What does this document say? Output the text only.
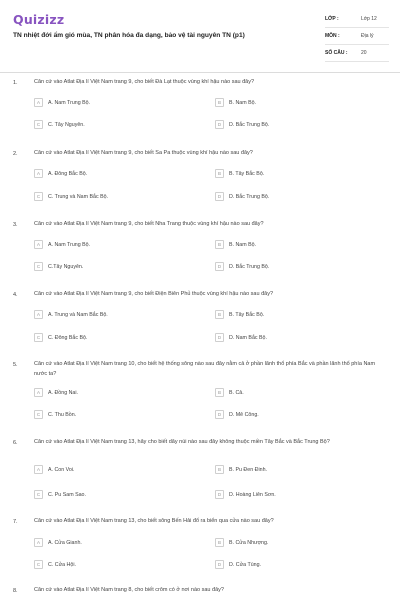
Quizizz
TN nhiệt đới ẩm gió mùa, TN phân hóa đa dạng, bảo vệ tài nguyên TN (p1)
LỚP :	Lớp 12
MÔN :	Địa lý
SỐ CÂU :	20
1.	Căn cứ vào Atlat Địa lí Việt Nam trang 9, cho biết Đà Lạt thuộc vùng khí hậu nào sau đây?
A	A. Nam Trung Bộ.	B	B. Nam Bộ.
C	C. Tây Nguyên.	D	D. Bắc Trung Bộ.
2.	Căn cứ vào Atlat Địa lí Việt Nam trang 9, cho biết Sa Pa thuộc vùng khí hậu nào sau đây?
A	A. Đông Bắc Bộ.	B	B. Tây Bắc Bộ.
C	C. Trung và Nam Bắc Bộ.	D	D. Bắc Trung Bộ.
3.	Căn cứ vào Atlat Địa lí Việt Nam trang 9, cho biết Nha Trang thuộc vùng khí hậu nào sau đây?
A	A. Nam Trung Bộ.	B	B. Nam Bộ.
C	C.Tây Nguyên.	D	D. Bắc Trung Bộ.
4.	Căn cứ vào Atlat Địa lí Việt Nam trang 9, cho biết Điện Biên Phủ thuộc vùng khí hậu nào sau đây?
A	A. Trung và Nam Bắc Bộ.	B	B. Tây Bắc Bộ.
C	C. Đông Bắc Bộ.	D	D. Nam Bắc Bộ.
5.	Căn cứ vào Atlat Địa lí Việt Nam trang 10, cho biết hệ thống sông nào sau đây nằm cả ở phần lãnh thổ phía Bắc và phần lãnh thổ phía Nam nước ta?
A	A. Đồng Nai.	B	B. Cả.
C	C. Thu Bồn.	D	D. Mê Công.
6.	Căn cứ vào Atlat Địa lí Việt Nam trang 13, hãy cho biết dãy núi nào sau đây không thuộc miền Tây Bắc và Bắc Trung Bộ?
A	A. Con Voi.	B	B. Pu Đen Đinh.
C	C. Pu Sam Sao.	D	D. Hoàng Liên Sơn.
7.	Căn cứ vào Atlat Địa lí Việt Nam trang 13, cho biết sông Bến Hải đổ ra biển qua cửa nào sau đây?
A	A. Cửa Gianh.	B	B. Cửa Nhượng.
C	C. Cửa Hội.	D	D. Cửa Tùng.
8.	Căn cứ vào Atlat Địa lí Việt Nam trang 8, cho biết crôm có ở nơi nào sau đây?
